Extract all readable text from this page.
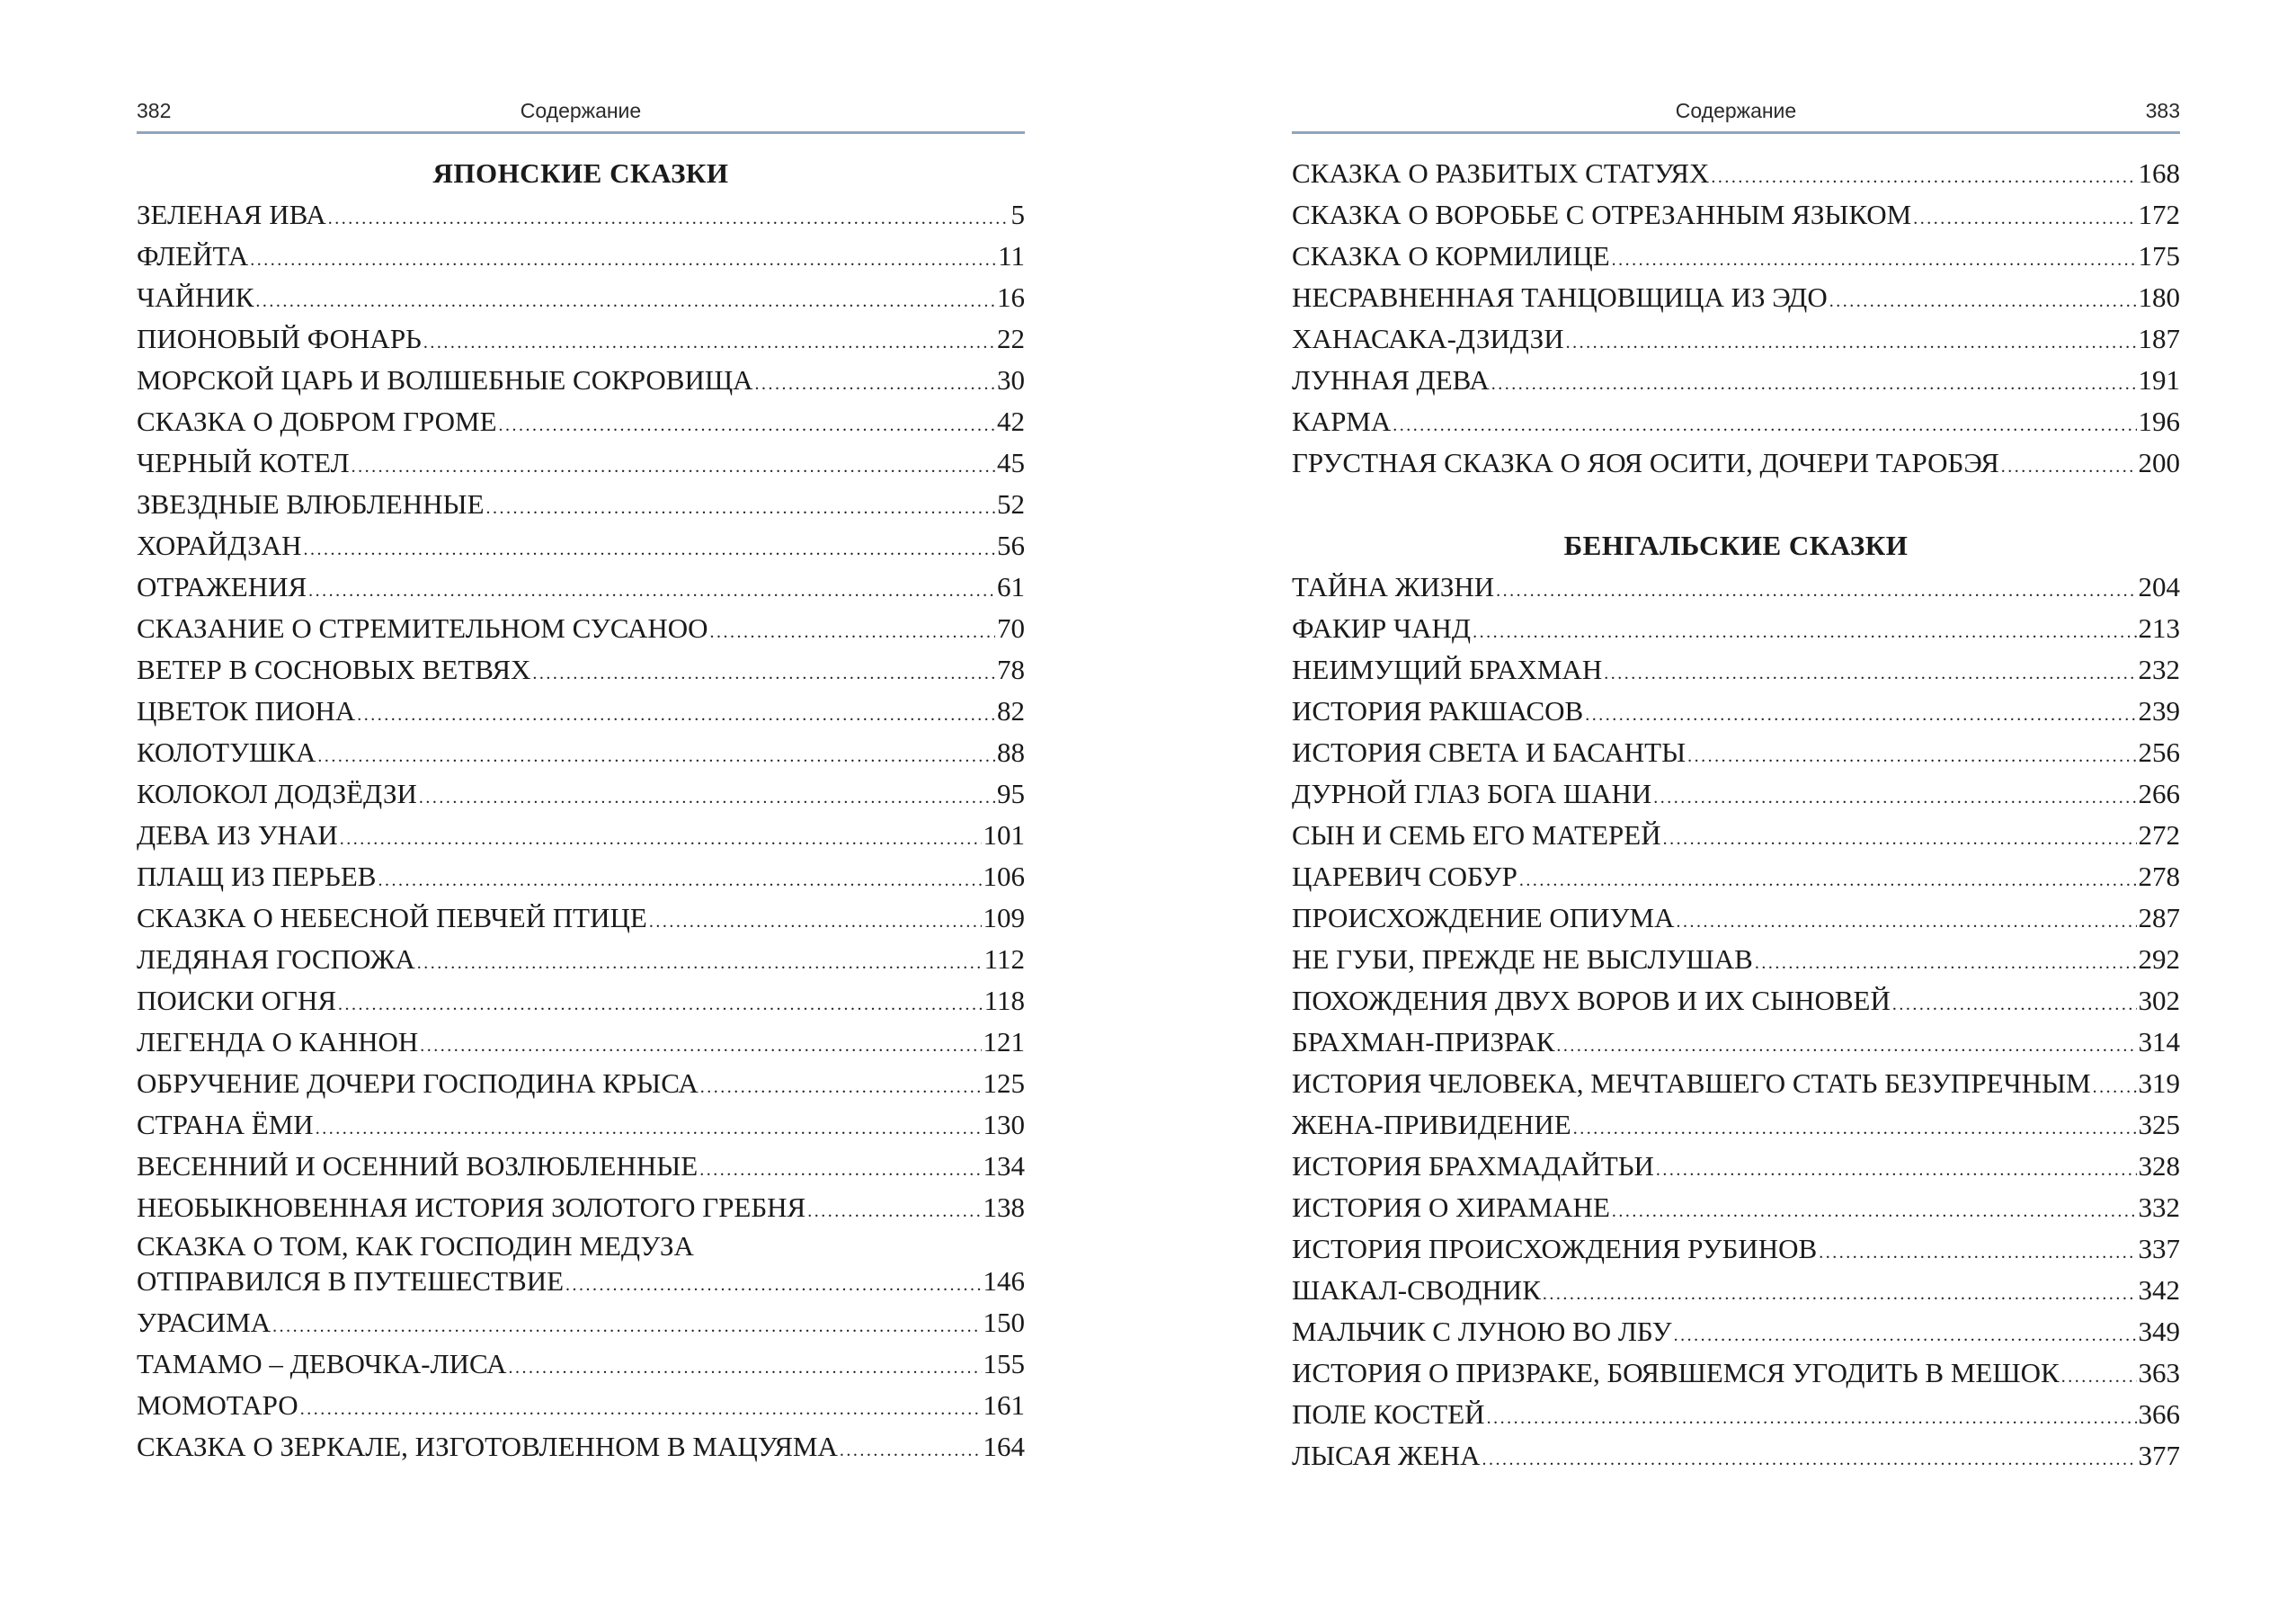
382	Содержание
ЯПОНСКИЕ СКАЗКИ
ЗЕЛЕНАЯ ИВА .....	5
ФЛЕЙТА .....	11
ЧАЙНИК .....	16
ПИОНОВЫЙ ФОНАРЬ .....	22
МОРСКОЙ ЦАРЬ И ВОЛШЕБНЫЕ СОКРОВИЩА .....	30
СКАЗКА О ДОБРОМ ГРОМЕ .....	42
ЧЕРНЫЙ КОТЕЛ .....	45
ЗВЕЗДНЫЕ ВЛЮБЛЕННЫЕ .....	52
ХОРАЙДЗАН .....	56
ОТРАЖЕНИЯ .....	61
СКАЗАНИЕ О СТРЕМИТЕЛЬНОМ СУСАНОО .....	70
ВЕТЕР В СОСНОВЫХ ВЕТВЯХ .....	78
ЦВЕТОК ПИОНА .....	82
КОЛОТУШКА .....	88
КОЛОКОЛ ДОДЗЁДЗИ .....	95
ДЕВА ИЗ УНАИ .....	101
ПЛАЩ ИЗ ПЕРЬЕВ .....	106
СКАЗКА О НЕБЕСНОЙ ПЕВЧЕЙ ПТИЦЕ .....	109
ЛЕДЯНАЯ ГОСПОЖА .....	112
ПОИСКИ ОГНЯ .....	118
ЛЕГЕНДА О КАННОН .....	121
ОБРУЧЕНИЕ ДОЧЕРИ ГОСПОДИНА КРЫСА .....	125
СТРАНА ЁМИ .....	130
ВЕСЕННИЙ И ОСЕННИЙ ВОЗЛЮБЛЕННЫЕ .....	134
НЕОБЫКНОВЕННАЯ ИСТОРИЯ ЗОЛОТОГО ГРЕБНЯ .....	138
СКАЗКА О ТОМ, КАК ГОСПОДИН МЕДУЗА
ОТПРАВИЛСЯ В ПУТЕШЕСТВИЕ .....	146
УРАСИМА .....	150
ТАМАМО – ДЕВОЧКА-ЛИСА .....	155
МОМОТАРО .....	161
СКАЗКА О ЗЕРКАЛЕ, ИЗГОТОВЛЕННОМ В МАЦУЯМА .....	164
Содержание	383
СКАЗКА О РАЗБИТЫХ СТАТУЯХ .....	168
СКАЗКА О ВОРОБЬЕ С ОТРЕЗАННЫМ ЯЗЫКОМ .....	172
СКАЗКА О КОРМИЛИЦЕ .....	175
НЕСРАВНЕННАЯ ТАНЦОВЩИЦА ИЗ ЭДО .....	180
ХАНАСАКА-ДЗИДЗИ .....	187
ЛУННАЯ ДЕВА .....	191
КАРМА .....	196
ГРУСТНАЯ СКАЗКА О ЯОЯ ОСИТИ, ДОЧЕРИ ТАРОБЭЯ .....	200
БЕНГАЛЬСКИЕ СКАЗКИ
ТАЙНА ЖИЗНИ .....	204
ФАКИР ЧАНД .....	213
НЕИМУЩИЙ БРАХМАН .....	232
ИСТОРИЯ РАКШАСОВ .....	239
ИСТОРИЯ СВЕТА И БАСАНТЫ .....	256
ДУРНОЙ ГЛАЗ БОГА ШАНИ .....	266
СЫН И СЕМЬ ЕГО МАТЕРЕЙ .....	272
ЦАРЕВИЧ СОБУР .....	278
ПРОИСХОЖДЕНИЕ ОПИУМА .....	287
НЕ ГУБИ, ПРЕЖДЕ НЕ ВЫСЛУШАВ .....	292
ПОХОЖДЕНИЯ ДВУХ ВОРОВ И ИХ СЫНОВЕЙ .....	302
БРАХМАН-ПРИЗРАК .....	314
ИСТОРИЯ ЧЕЛОВЕКА, МЕЧТАВШЕГО СТАТЬ БЕЗУПРЕЧНЫМ ..... 319
ЖЕНА-ПРИВИДЕНИЕ .....	325
ИСТОРИЯ БРАХМАДАЙТЬИ .....	328
ИСТОРИЯ О ХИРАМАНЕ .....	332
ИСТОРИЯ ПРОИСХОЖДЕНИЯ РУБИНОВ .....	337
ШАКАЛ-СВОДНИК .....	342
МАЛЬЧИК С ЛУНОЮ ВО ЛБУ .....	349
ИСТОРИЯ О ПРИЗРАКЕ, БОЯВШЕМСЯ УГОДИТЬ В МЕШОК .....	363
ПОЛЕ КОСТЕЙ .....	366
ЛЫСАЯ ЖЕНА .....	377
